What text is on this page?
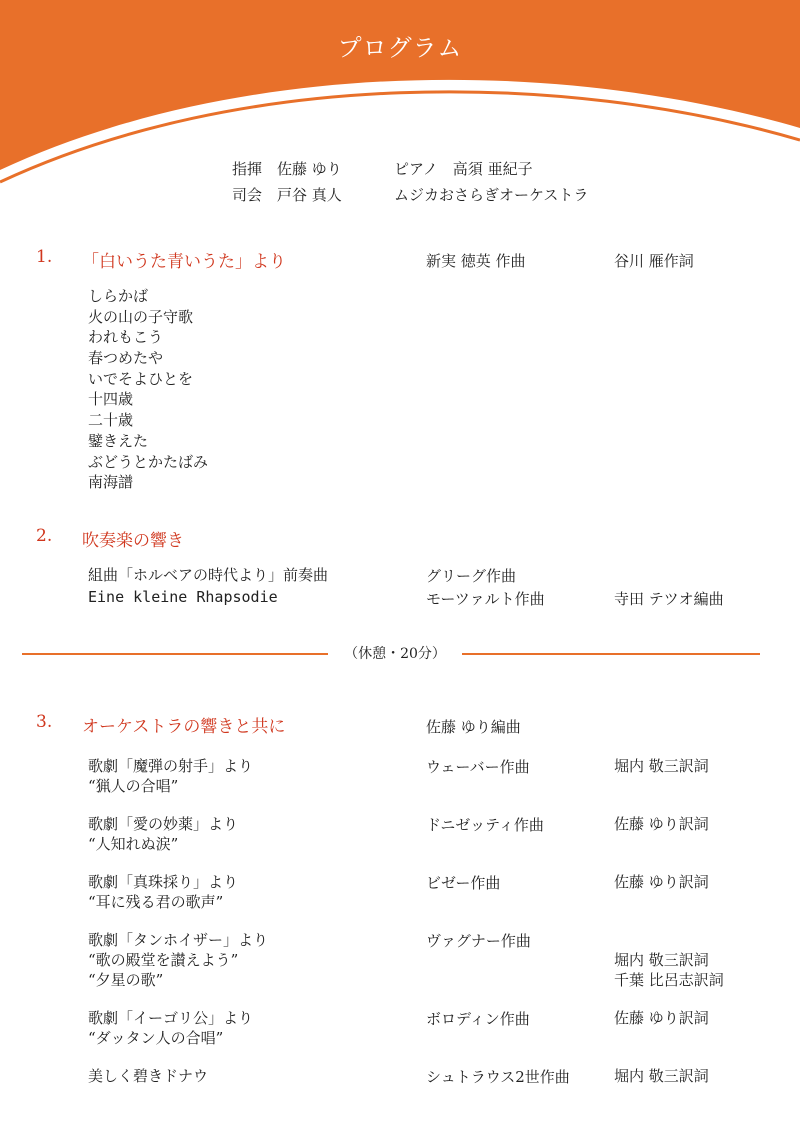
プログラム
指揮　佐藤 ゆり	ピアノ　高須 亜紀子
司会　戸谷 真人	ムジカおさらぎオーケストラ
1.	「白いうた青いうた」より	新実 徳英 作曲	谷川 雁作詞
しらかば
火の山の子守歌
われもこう
春つめたや
いでそよひとを
十四歳
二十歳
鐾きえた
ぶどうとかたばみ
南海譜
2.	吹奏楽の響き
組曲「ホルベアの時代より」前奏曲	グリーグ作曲
Eine kleine Rhapsodie	モーツァルト作曲	寺田 テツオ編曲
（休憩・20分）
3.	オーケストラの響きと共に	佐藤 ゆり編曲
歌劇「魔弾の射手」より
“猟人の合唱”
ウェーバー作曲	堀内 敬三訳詞
歌劇「愛の妙薬」より
“人知れぬ涙”
ドニゼッティ作曲	佐藤 ゆり訳詞
歌劇「真珠採り」より
“耳に残る君の歌声”
ビゼー作曲	佐藤 ゆり訳詞
歌劇「タンホイザー」より
“歌の殿堂を讃えよう”
“夕星の歌”
ヴァグナー作曲
堀内 敬三訳詞
千葉 比呂志訳詞
歌劇「イーゴリ公」より
“ダッタン人の合唱”
ボロディン作曲	佐藤 ゆり訳詞
美しく碧きドナウ	シュトラウス2世作曲	堀内 敬三訳詞
